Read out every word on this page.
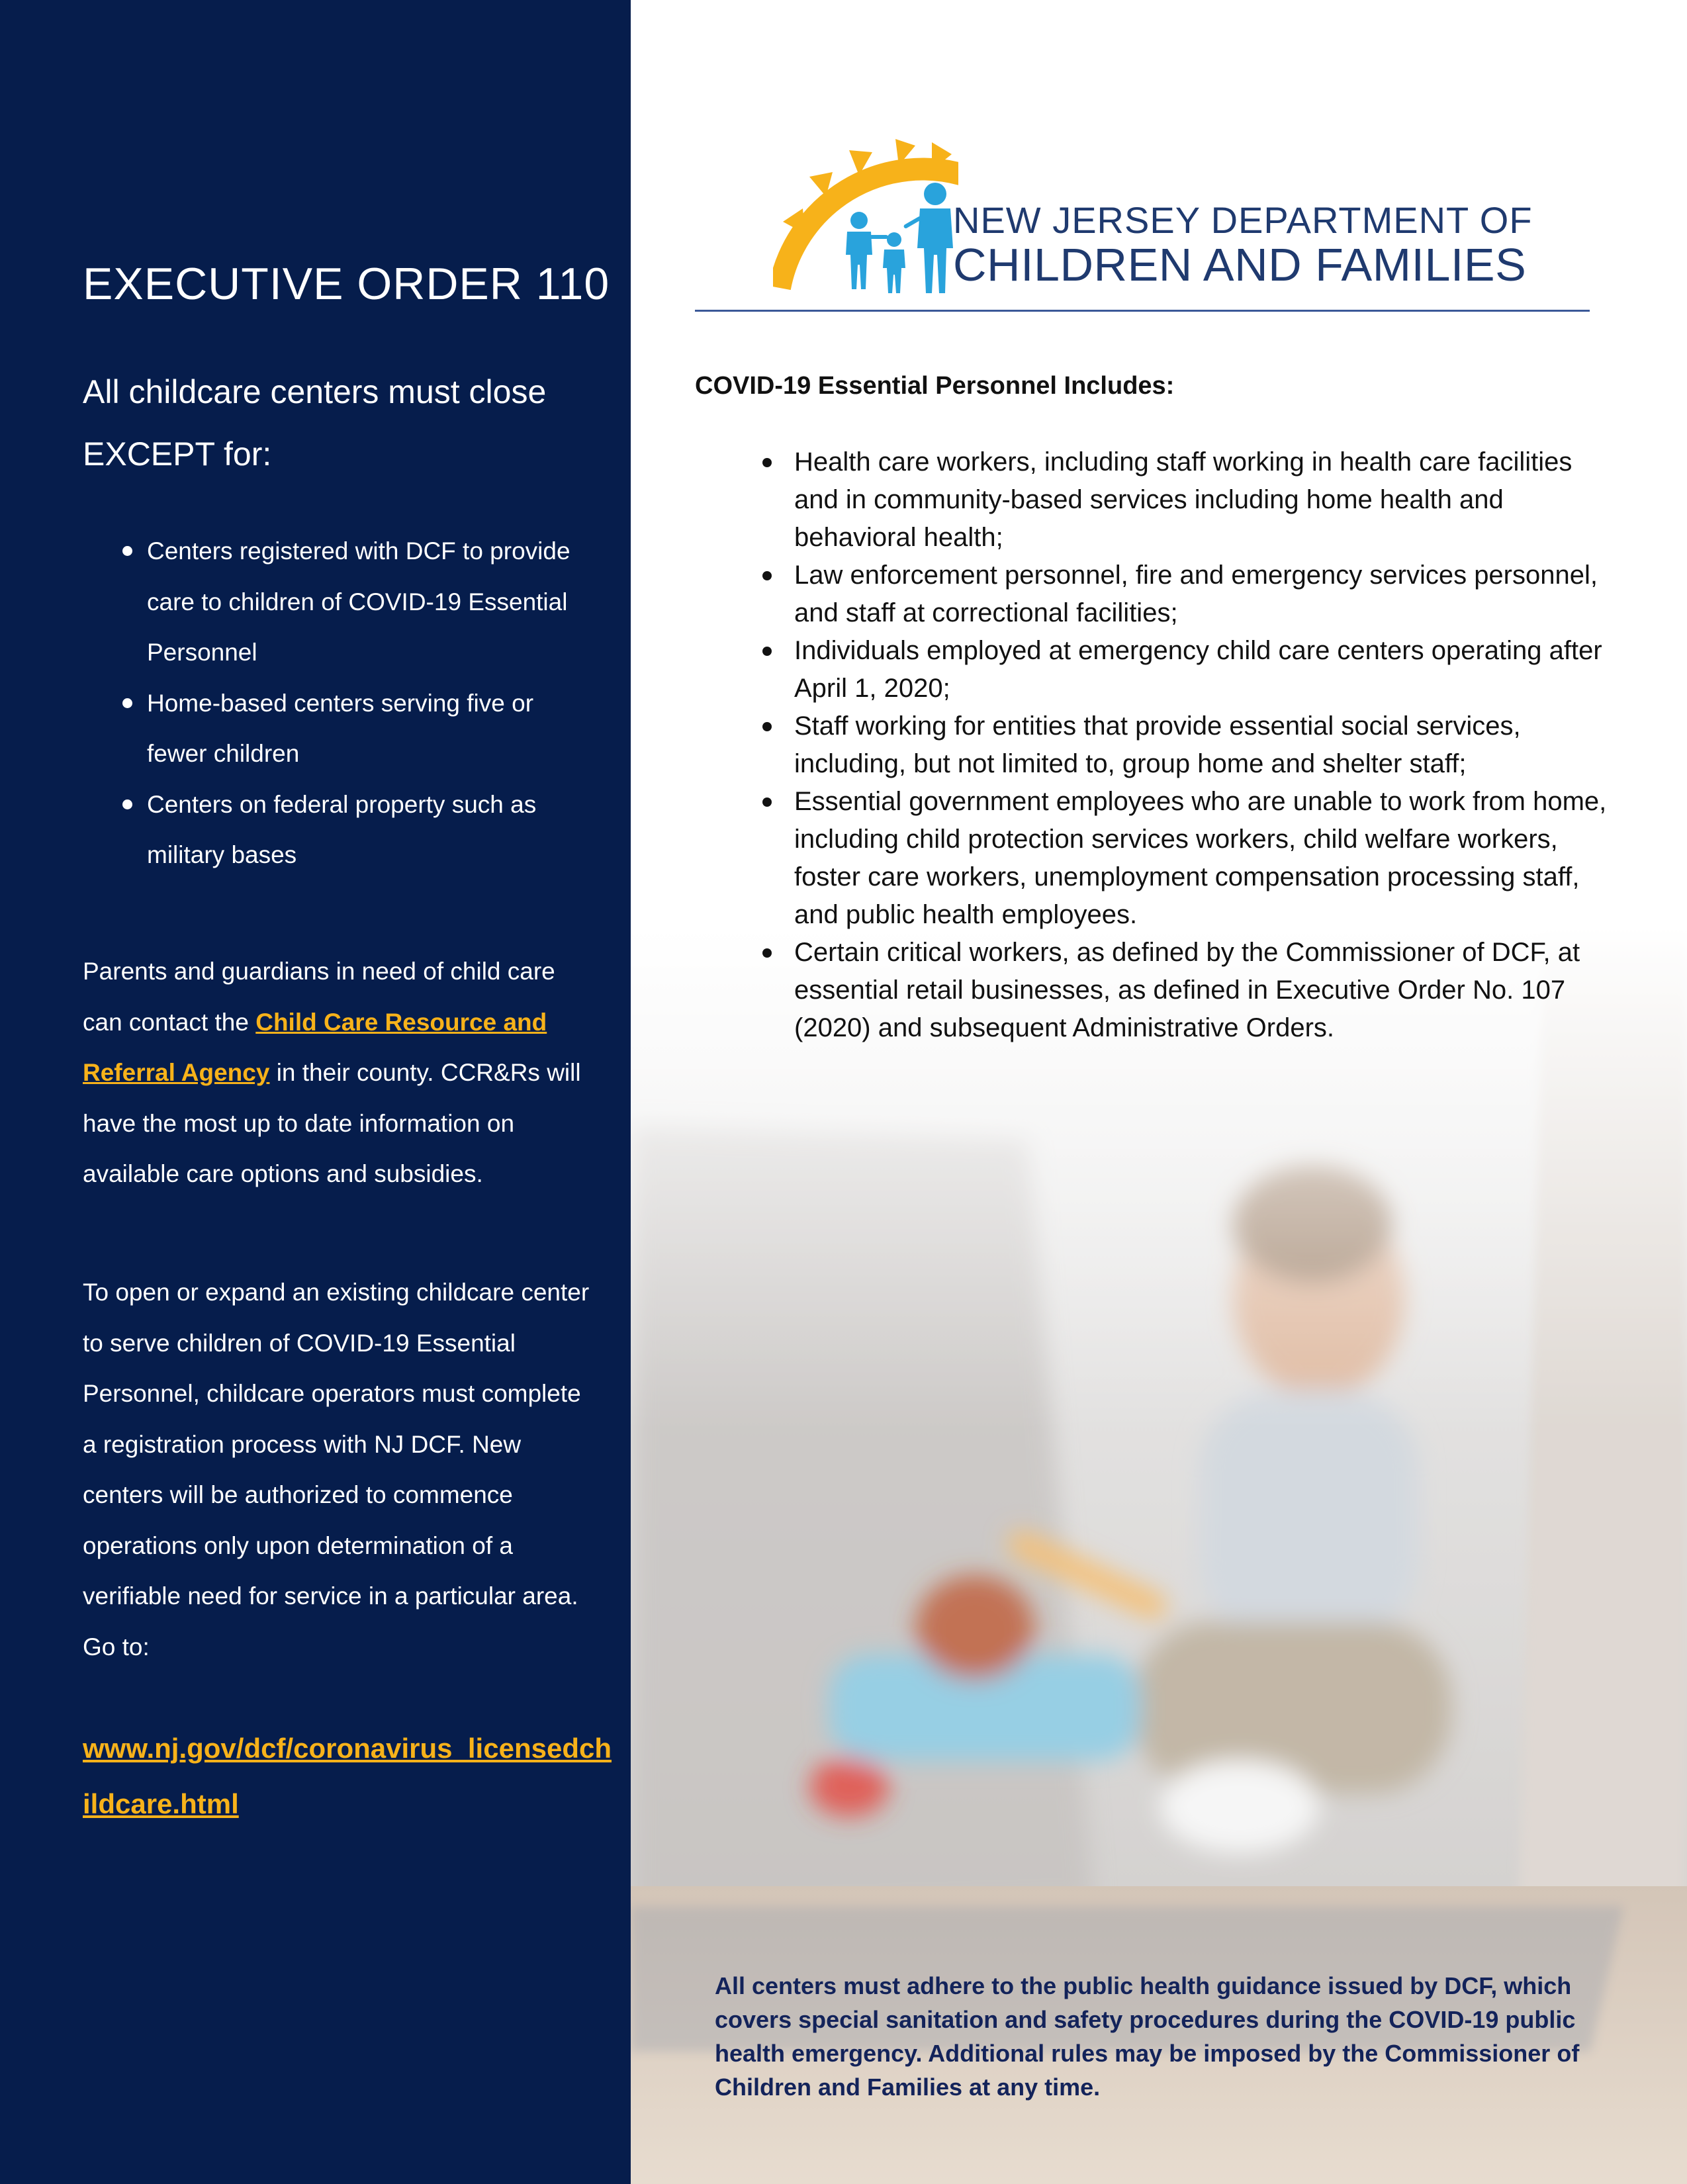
EXECUTIVE ORDER 110

All childcare centers must close
EXCEPT for:

Centers registered with DCF to provide care to children of COVID-19 Essential Personnel
Home-based centers serving five or fewer children
Centers on federal property such as military bases

Parents and guardians in need of child care can contact the Child Care Resource and Referral Agency in their county. CCR&Rs will have the most up to date information on available care options and subsidies.

To open or expand an existing childcare center to serve children of COVID-19 Essential Personnel, childcare operators must complete a registration process with NJ DCF. New centers will be authorized to commence operations only upon determination of a verifiable need for service in a particular area.
Go to:

www.nj.gov/dcf/coronavirus_licensedchildcare.html

NEW JERSEY DEPARTMENT OF

CHILDREN AND FAMILIES

COVID-19 Essential Personnel Includes:
Health care workers, including staff working in health care facilities and in community-based services including home health and behavioral health;
Law enforcement personnel, fire and emergency services personnel, and staff at correctional facilities;
Individuals employed at emergency child care centers operating after April 1, 2020;
Staff working for entities that provide essential social services, including, but not limited to, group home and shelter staff;
Essential government employees who are unable to work from home, including child protection services workers, child welfare workers, foster care workers, unemployment compensation processing staff, and public health employees.
Certain critical workers, as defined by the Commissioner of DCF, at essential retail businesses, as defined in Executive Order No. 107 (2020) and subsequent Administrative Orders.

All centers must adhere to the public health guidance issued by DCF, which covers special sanitation and safety procedures during the COVID-19 public health emergency. Additional rules may be imposed by the Commissioner of Children and Families at any time.
